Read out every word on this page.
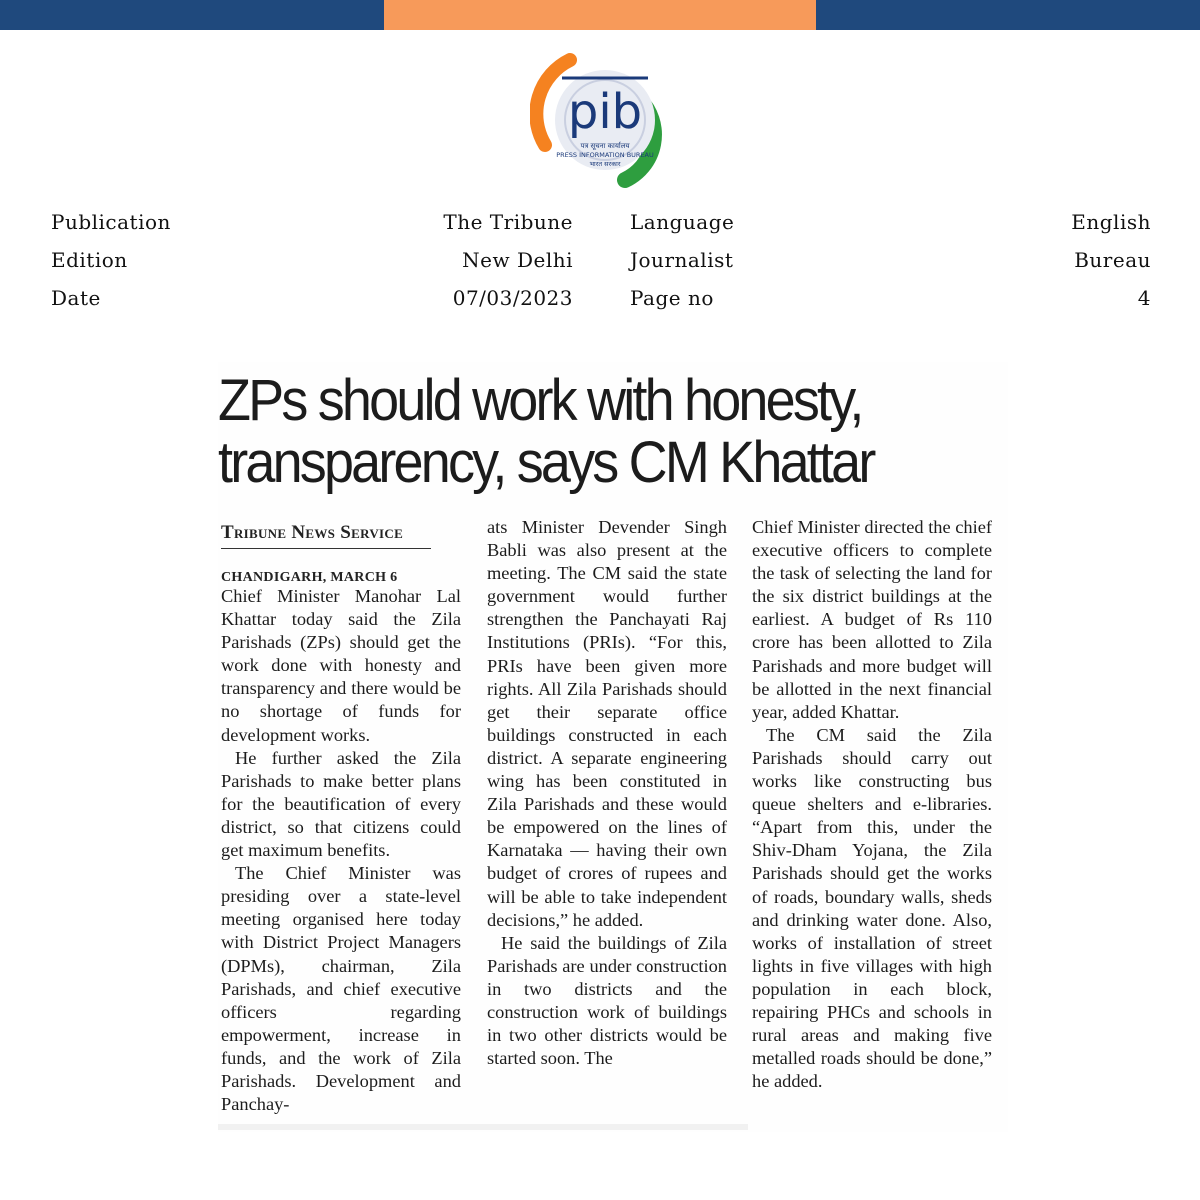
pib
पत्र सूचना कार्यालय
PRESS INFORMATION BUREAU
भारत सरकार
Publication	The Tribune	Language	English
Edition	New Delhi	Journalist	Bureau
Date	07/03/2023	Page no	4
ZPs should work with honesty,
transparency, says CM Khattar
Tribune News Service
CHANDIGARH, MARCH 6

Chief Minister Manohar Lal Khattar today said the Zila Parishads (ZPs) should get the work done with honesty and transparency and there would be no shortage of funds for development works.

He further asked the Zila Parishads to make better plans for the beautification of every district, so that citizens could get maximum benefits.

The Chief Minister was presiding over a state-level meeting organised here today with District Project Managers (DPMs), chairman, Zila Parishads, and chief executive officers regarding empowerment, increase in funds, and the work of Zila Parishads. Development and Panchay-

ats Minister Devender Singh Babli was also present at the meeting. The CM said the state government would further strengthen the Panchayati Raj Institutions (PRIs). “For this, PRIs have been given more rights. All Zila Parishads should get their separate office buildings constructed in each district. A separate engineering wing has been constituted in Zila Parishads and these would be empowered on the lines of Karnataka — having their own budget of crores of rupees and will be able to take independent decisions,” he added.

He said the buildings of Zila Parishads are under construction in two districts and the construction work of buildings in two other districts would be started soon. The

Chief Minister directed the chief executive officers to complete the task of selecting the land for the six district buildings at the earliest. A budget of Rs 110 crore has been allotted to Zila Parishads and more budget will be allotted in the next financial year, added Khattar.

The CM said the Zila Parishads should carry out works like constructing bus queue shelters and e-libraries. “Apart from this, under the Shiv-Dham Yojana, the Zila Parishads should get the works of roads, boundary walls, sheds and drinking water done. Also, works of installation of street lights in five villages with high population in each block, repairing PHCs and schools in rural areas and making five metalled roads should be done,” he added.
